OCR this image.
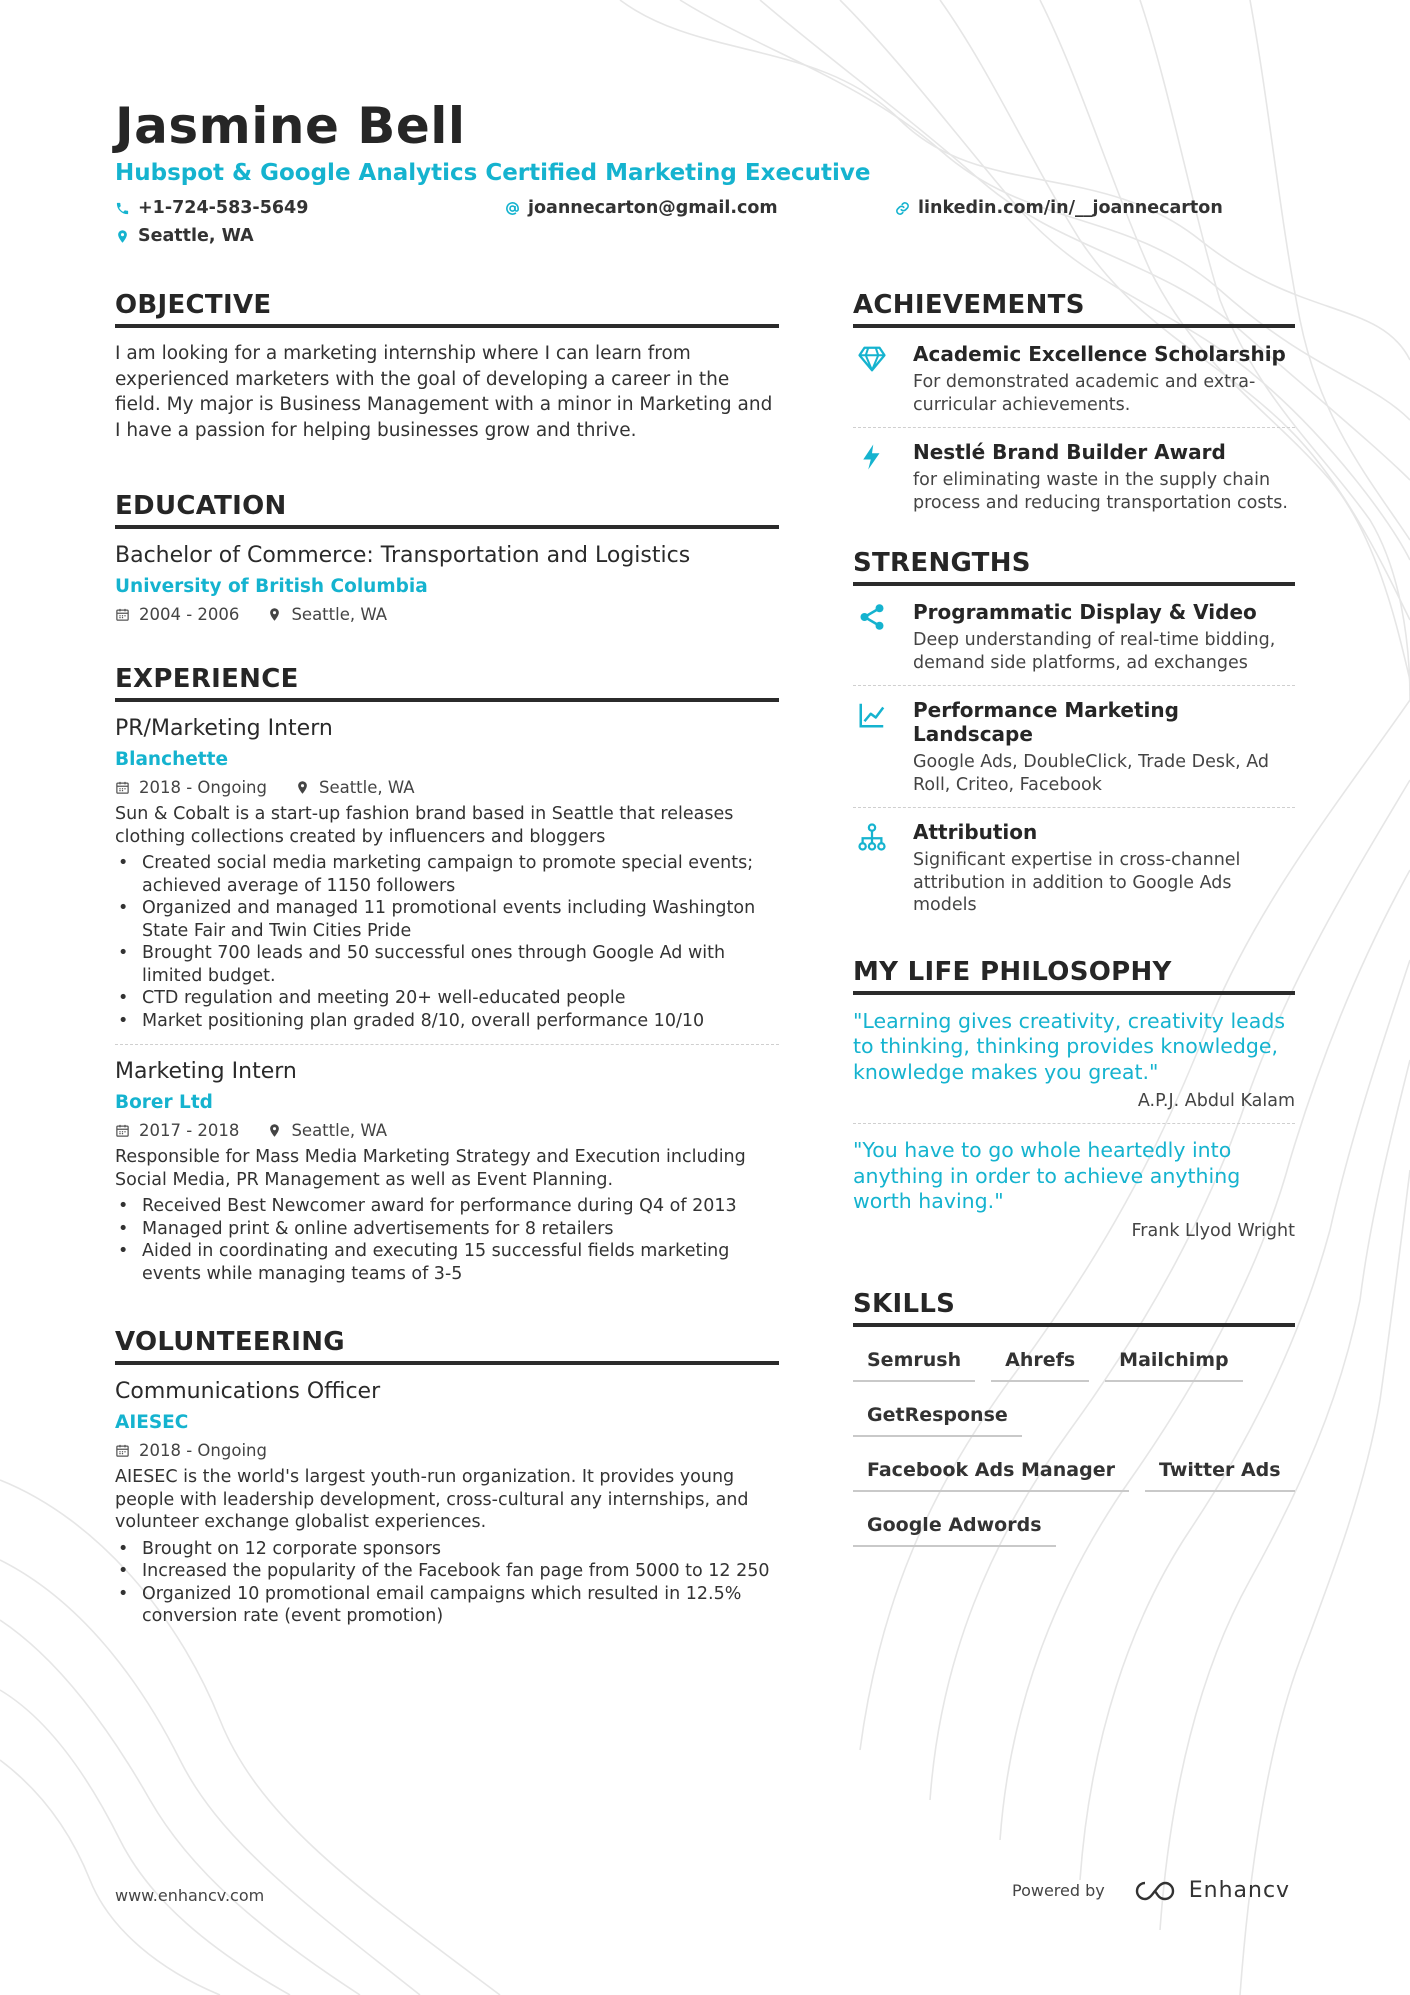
Jasmine Bell
Hubspot & Google Analytics Certified Marketing Executive
+1-724-583-5649	joannecarton@gmail.com	linkedin.com/in/__joannecarton
Seattle, WA
OBJECTIVE
I am looking for a marketing internship where I can learn from experienced marketers with the goal of developing a career in the field. My major is Business Management with a minor in Marketing and I have a passion for helping businesses grow and thrive.
EDUCATION
Bachelor of Commerce: Transportation and Logistics
University of British Columbia
2004 - 2006	Seattle, WA
EXPERIENCE
PR/Marketing Intern
Blanchette
2018 - Ongoing	Seattle, WA
Sun & Cobalt is a start-up fashion brand based in Seattle that releases clothing collections created by influencers and bloggers
• Created social media marketing campaign to promote special events; achieved average of 1150 followers
• Organized and managed 11 promotional events including Washington State Fair and Twin Cities Pride
• Brought 700 leads and 50 successful ones through Google Ad with limited budget.
• CTD regulation and meeting 20+ well-educated people
• Market positioning plan graded 8/10, overall performance 10/10
Marketing Intern
Borer Ltd
2017 - 2018	Seattle, WA
Responsible for Mass Media Marketing Strategy and Execution including Social Media, PR Management as well as Event Planning.
• Received Best Newcomer award for performance during Q4 of 2013
• Managed print & online advertisements for 8 retailers
• Aided in coordinating and executing 15 successful fields marketing events while managing teams of 3-5
VOLUNTEERING
Communications Officer
AIESEC
2018 - Ongoing
AIESEC is the world's largest youth-run organization. It provides young people with leadership development, cross-cultural any internships, and volunteer exchange globalist experiences.
• Brought on 12 corporate sponsors
• Increased the popularity of the Facebook fan page from 5000 to 12 250
• Organized 10 promotional email campaigns which resulted in 12.5% conversion rate (event promotion)
ACHIEVEMENTS
Academic Excellence Scholarship
For demonstrated academic and extra-curricular achievements.
Nestlé Brand Builder Award
for eliminating waste in the supply chain process and reducing transportation costs.
STRENGTHS
Programmatic Display & Video
Deep understanding of real-time bidding, demand side platforms, ad exchanges
Performance Marketing Landscape
Google Ads, DoubleClick, Trade Desk, Ad Roll, Criteo, Facebook
Attribution
Significant expertise in cross-channel attribution in addition to Google Ads models
MY LIFE PHILOSOPHY
"Learning gives creativity, creativity leads to thinking, thinking provides knowledge, knowledge makes you great."
A.P.J. Abdul Kalam
"You have to go whole heartedly into anything in order to achieve anything worth having."
Frank Llyod Wright
SKILLS
Semrush	Ahrefs	Mailchimp
GetResponse
Facebook Ads Manager	Twitter Ads
Google Adwords
www.enhancv.com	Powered by	Enhancv
